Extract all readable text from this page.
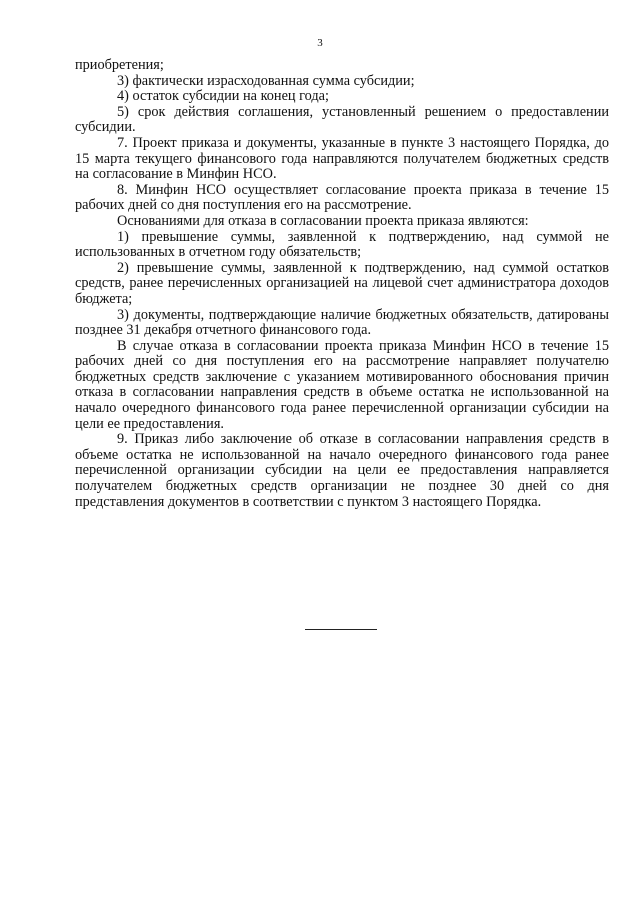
3

приобретения;

3) фактически израсходованная сумма субсидии;

4) остаток субсидии на конец года;

5) срок действия соглашения, установленный решением о предоставлении субсидии.

7. Проект приказа и документы, указанные в пункте 3 настоящего Порядка, до 15 марта текущего финансового года направляются получателем бюджетных средств на согласование в Минфин НСО.

8. Минфин НСО осуществляет согласование проекта приказа в течение 15 рабочих дней со дня поступления его на рассмотрение.

Основаниями для отказа в согласовании проекта приказа являются:

1) превышение суммы, заявленной к подтверждению, над суммой не использованных в отчетном году обязательств;

2) превышение суммы, заявленной к подтверждению, над суммой остатков средств, ранее перечисленных организацией на лицевой счет администратора доходов бюджета;

3) документы, подтверждающие наличие бюджетных обязательств, датированы позднее 31 декабря отчетного финансового года.

В случае отказа в согласовании проекта приказа Минфин НСО в течение 15 рабочих дней со дня поступления его на рассмотрение направляет получателю бюджетных средств заключение с указанием мотивированного обоснования причин отказа в согласовании направления средств в объеме остатка не использованной на начало очередного финансового года ранее перечисленной организации субсидии на цели ее предоставления.

9. Приказ либо заключение об отказе в согласовании направления средств в объеме остатка не использованной на начало очередного финансового года ранее перечисленной организации субсидии на цели ее предоставления направляется получателем бюджетных средств организации не позднее 30 дней со дня представления документов в соответствии с пунктом 3 настоящего Порядка.
